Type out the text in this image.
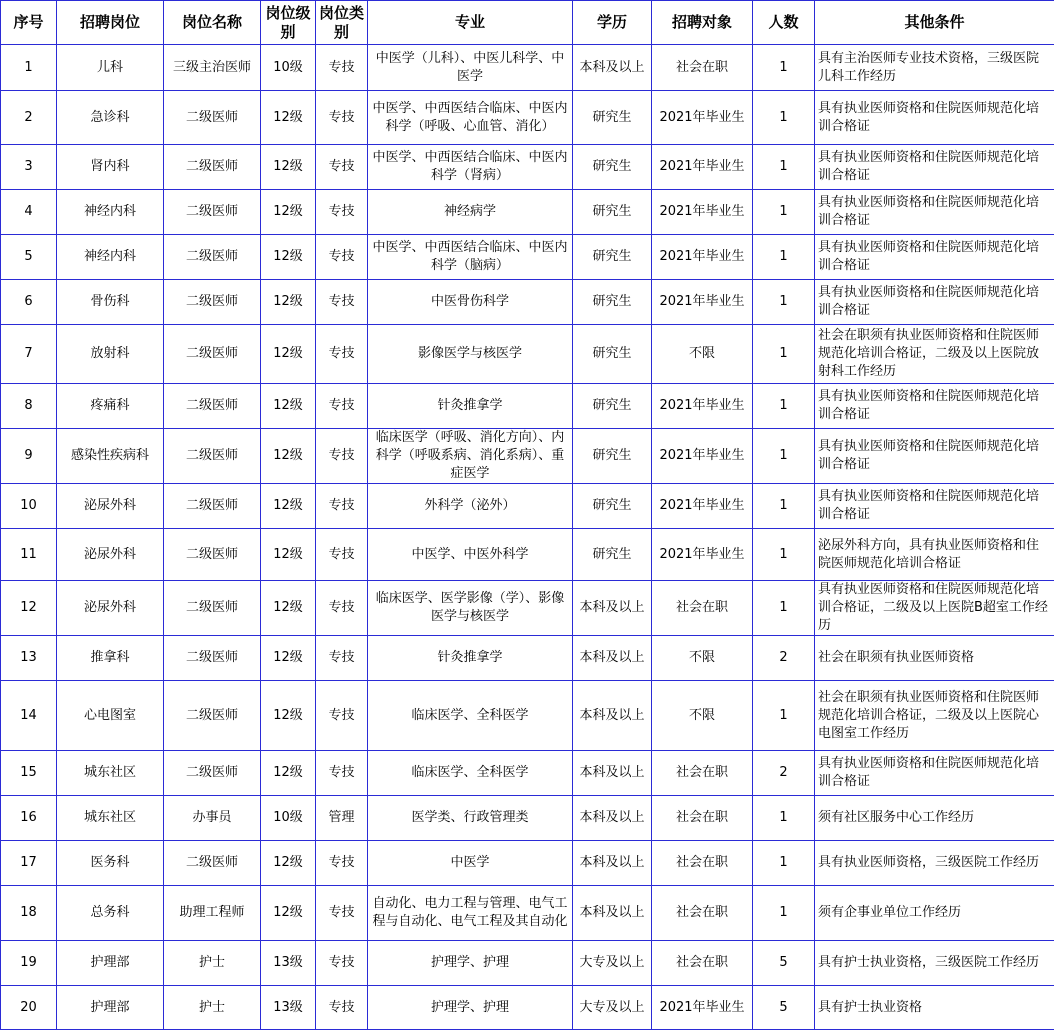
序号	招聘岗位	岗位名称	岗位级别	岗位类别	专业	学历	招聘对象	人数	其他条件
1	儿科	三级主治医师	10级	专技	中医学（儿科）、中医儿科学、中医学	本科及以上	社会在职	1	具有主治医师专业技术资格，三级医院儿科工作经历
2	急诊科	二级医师	12级	专技	中医学、中西医结合临床、中医内科学（呼吸、心血管、消化）	研究生	2021年毕业生	1	具有执业医师资格和住院医师规范化培训合格证
3	肾内科	二级医师	12级	专技	中医学、中西医结合临床、中医内科学（肾病）	研究生	2021年毕业生	1	具有执业医师资格和住院医师规范化培训合格证
4	神经内科	二级医师	12级	专技	神经病学	研究生	2021年毕业生	1	具有执业医师资格和住院医师规范化培训合格证
5	神经内科	二级医师	12级	专技	中医学、中西医结合临床、中医内科学（脑病）	研究生	2021年毕业生	1	具有执业医师资格和住院医师规范化培训合格证
6	骨伤科	二级医师	12级	专技	中医骨伤科学	研究生	2021年毕业生	1	具有执业医师资格和住院医师规范化培训合格证
7	放射科	二级医师	12级	专技	影像医学与核医学	研究生	不限	1	社会在职须有执业医师资格和住院医师规范化培训合格证，二级及以上医院放射科工作经历
8	疼痛科	二级医师	12级	专技	针灸推拿学	研究生	2021年毕业生	1	具有执业医师资格和住院医师规范化培训合格证
9	感染性疾病科	二级医师	12级	专技	临床医学（呼吸、消化方向）、内科学（呼吸系病、消化系病）、重症医学	研究生	2021年毕业生	1	具有执业医师资格和住院医师规范化培训合格证
10	泌尿外科	二级医师	12级	专技	外科学（泌外）	研究生	2021年毕业生	1	具有执业医师资格和住院医师规范化培训合格证
11	泌尿外科	二级医师	12级	专技	中医学、中医外科学	研究生	2021年毕业生	1	泌尿外科方向，具有执业医师资格和住院医师规范化培训合格证
12	泌尿外科	二级医师	12级	专技	临床医学、医学影像（学）、影像医学与核医学	本科及以上	社会在职	1	具有执业医师资格和住院医师规范化培训合格证，二级及以上医院B超室工作经历
13	推拿科	二级医师	12级	专技	针灸推拿学	本科及以上	不限	2	社会在职须有执业医师资格
14	心电图室	二级医师	12级	专技	临床医学、全科医学	本科及以上	不限	1	社会在职须有执业医师资格和住院医师规范化培训合格证，二级及以上医院心电图室工作经历
15	城东社区	二级医师	12级	专技	临床医学、全科医学	本科及以上	社会在职	2	具有执业医师资格和住院医师规范化培训合格证
16	城东社区	办事员	10级	管理	医学类、行政管理类	本科及以上	社会在职	1	须有社区服务中心工作经历
17	医务科	二级医师	12级	专技	中医学	本科及以上	社会在职	1	具有执业医师资格，三级医院工作经历
18	总务科	助理工程师	12级	专技	自动化、电力工程与管理、电气工程与自动化、电气工程及其自动化	本科及以上	社会在职	1	须有企事业单位工作经历
19	护理部	护士	13级	专技	护理学、护理	大专及以上	社会在职	5	具有护士执业资格，三级医院工作经历
20	护理部	护士	13级	专技	护理学、护理	大专及以上	2021年毕业生	5	具有护士执业资格
